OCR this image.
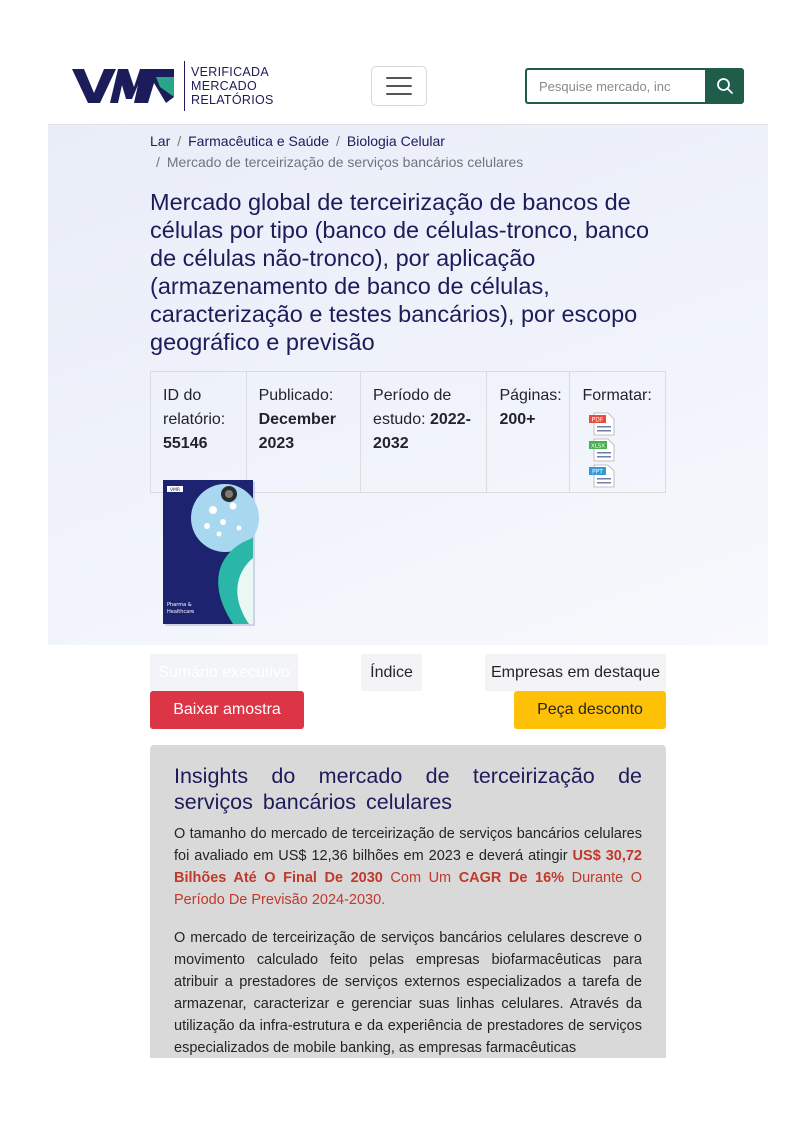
VERIFICADA
MERCADO
RELATÓRIOS
Pesquise mercado, inc
Lar / Farmacêutica e Saúde / Biologia Celular
/ Mercado de terceirização de serviços bancários celulares
Mercado global de terceirização de bancos de células por tipo (banco de células-tronco, banco de células não-tronco), por aplicação (armazenamento de banco de células, caracterização e testes bancários), por escopo geográfico e previsão
ID do relatório:
55146
Publicado:
December 2023
Período de estudo: 2022-2032
Páginas:
200+
Formatar:
PDF
XLSX
PPT
VMR
Pharma &
Healthcare
Sumário executivo	Índice	Empresas em destaque
Baixar amostra	Peça desconto
Insights do mercado de terceirização de serviços bancários celulares

O tamanho do mercado de terceirização de serviços bancários celulares foi avaliado em US$ 12,36 bilhões em 2023 e deverá atingir US$ 30,72 Bilhões Até O Final De 2030 Com Um CAGR De 16% Durante O Período De Previsão 2024-2030.

O mercado de terceirização de serviços bancários celulares descreve o movimento calculado feito pelas empresas biofarmacêuticas para atribuir a prestadores de serviços externos especializados a tarefa de armazenar, caracterizar e gerenciar suas linhas celulares. Através da utilização da infra-estrutura e da experiência de prestadores de serviços especializados de mobile banking, as empresas farmacêuticas
